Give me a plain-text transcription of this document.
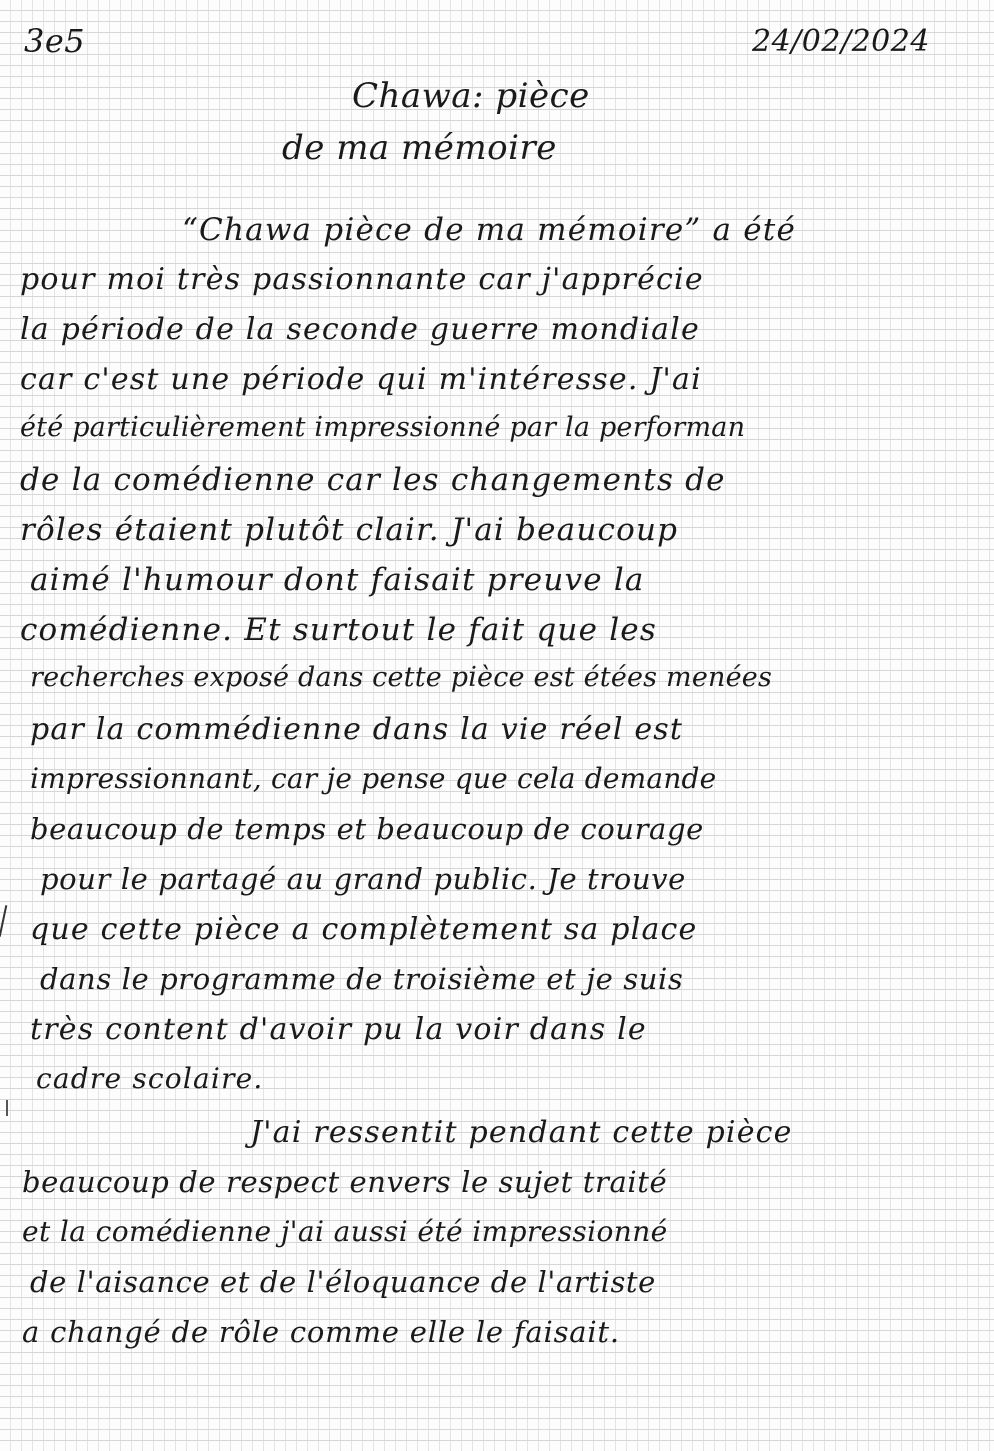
3e5	24/02/2024
Chawa: pièce
de ma mémoire
“Chawa pièce de ma mémoire” a été
pour moi très passionnante car j'apprécie
la période de la seconde guerre mondiale
car c'est une période qui m'intéresse. J'ai
été particulièrement impressionné par la performan
de la comédienne car les changements de
rôles étaient plutôt clair. J'ai beaucoup
aimé l'humour dont faisait preuve la
comédienne. Et surtout le fait que les
recherches exposé dans cette pièce est étées menées
par la commédienne dans la vie réel est
impressionnant, car je pense que cela demande
beaucoup de temps et beaucoup de courage
pour le partagé au grand public. Je trouve
que cette pièce a complètement sa place
dans le programme de troisième et je suis
très content d'avoir pu la voir dans le
cadre scolaire.
J'ai ressentit pendant cette pièce
beaucoup de respect envers le sujet traité
et la comédienne j'ai aussi été impressionné
de l'aisance et de l'éloquance de l'artiste
a changé de rôle comme elle le faisait.
